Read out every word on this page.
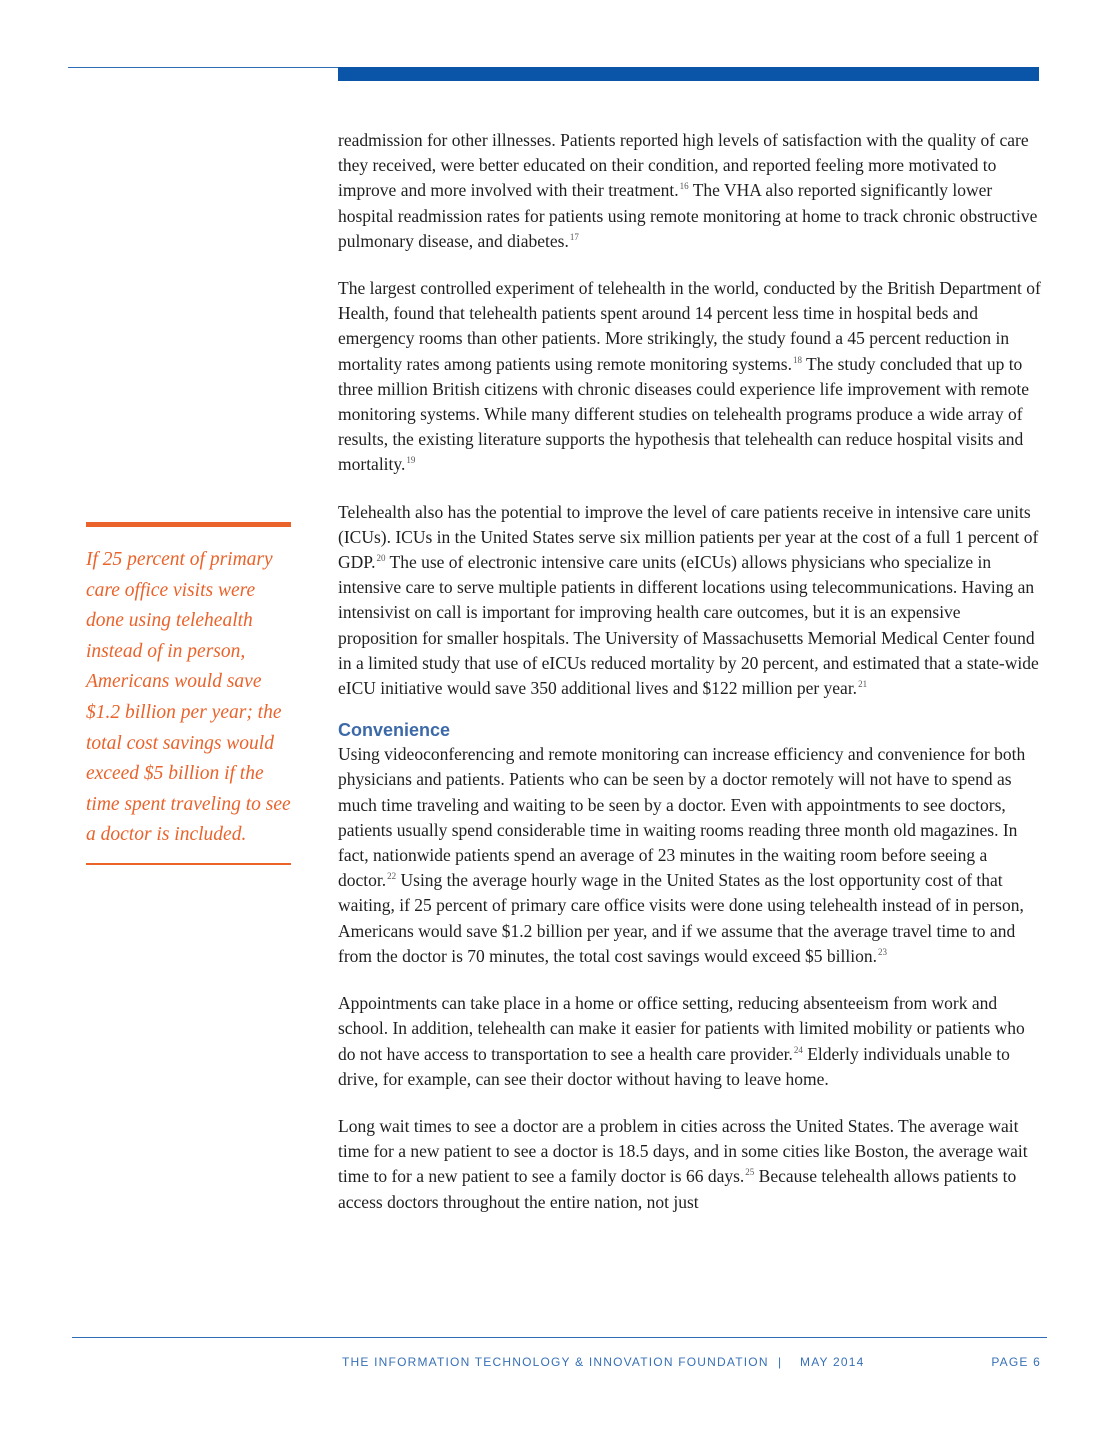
readmission for other illnesses. Patients reported high levels of satisfaction with the quality of care they received, were better educated on their condition, and reported feeling more motivated to improve and more involved with their treatment.$^{16}$ The VHA also reported significantly lower hospital readmission rates for patients using remote monitoring at home to track chronic obstructive pulmonary disease, and diabetes.$^{17}$

The largest controlled experiment of telehealth in the world, conducted by the British Department of Health, found that telehealth patients spent around 14 percent less time in hospital beds and emergency rooms than other patients. More strikingly, the study found a 45 percent reduction in mortality rates among patients using remote monitoring systems.$^{18}$ The study concluded that up to three million British citizens with chronic diseases could experience life improvement with remote monitoring systems. While many different studies on telehealth programs produce a wide array of results, the existing literature supports the hypothesis that telehealth can reduce hospital visits and mortality.$^{19}$

Telehealth also has the potential to improve the level of care patients receive in intensive care units (ICUs). ICUs in the United States serve six million patients per year at the cost of a full 1 percent of GDP.$^{20}$ The use of electronic intensive care units (eICUs) allows physicians who specialize in intensive care to serve multiple patients in different locations using telecommunications. Having an intensivist on call is important for improving health care outcomes, but it is an expensive proposition for smaller hospitals. The University of Massachusetts Memorial Medical Center found in a limited study that use of eICUs reduced mortality by 20 percent, and estimated that a state-wide eICU initiative would save 350 additional lives and $122 million per year.$^{21}$

Convenience

Using videoconferencing and remote monitoring can increase efficiency and convenience for both physicians and patients. Patients who can be seen by a doctor remotely will not have to spend as much time traveling and waiting to be seen by a doctor. Even with appointments to see doctors, patients usually spend considerable time in waiting rooms reading three month old magazines. In fact, nationwide patients spend an average of 23 minutes in the waiting room before seeing a doctor.$^{22}$ Using the average hourly wage in the United States as the lost opportunity cost of that waiting, if 25 percent of primary care office visits were done using telehealth instead of in person, Americans would save $1.2 billion per year, and if we assume that the average travel time to and from the doctor is 70 minutes, the total cost savings would exceed $5 billion.$^{23}$

Appointments can take place in a home or office setting, reducing absenteeism from work and school. In addition, telehealth can make it easier for patients with limited mobility or patients who do not have access to transportation to see a health care provider.$^{24}$ Elderly individuals unable to drive, for example, can see their doctor without having to leave home.

Long wait times to see a doctor are a problem in cities across the United States. The average wait time for a new patient to see a doctor is 18.5 days, and in some cities like Boston, the average wait time to for a new patient to see a family doctor is 66 days.$^{25}$ Because telehealth allows patients to access doctors throughout the entire nation, not just

If 25 percent of primary care office visits were done using telehealth instead of in person, Americans would save $1.2 billion per year; the total cost savings would exceed $5 billion if the time spent traveling to see a doctor is included.
THE INFORMATION TECHNOLOGY & INNOVATION FOUNDATION | MAY 2014	PAGE 6
